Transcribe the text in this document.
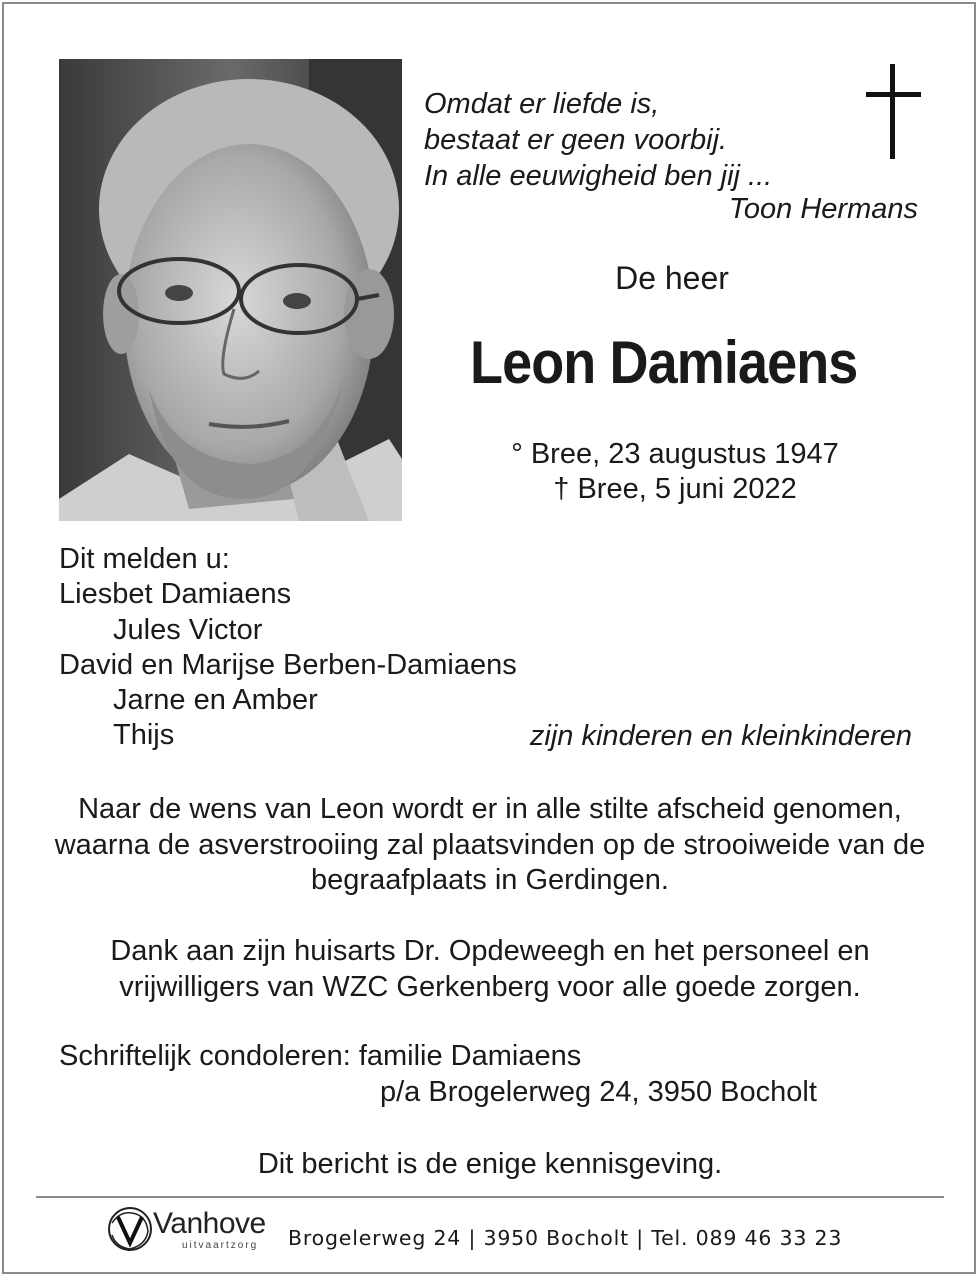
Omdat er liefde is,
bestaat er geen voorbij.
In alle eeuwigheid ben jij ...
Toon Hermans
De heer
Leon Damiaens
° Bree, 23 augustus 1947
† Bree, 5 juni 2022
Dit melden u:
Liesbet Damiaens
Jules Victor
David en Marijse Berben-Damiaens
Jarne en Amber
Thijs	zijn kinderen en kleinkinderen
Naar de wens van Leon wordt er in alle stilte afscheid genomen, waarna de asverstrooiing zal plaatsvinden op de strooiweide van de begraafplaats in Gerdingen.
Dank aan zijn huisarts Dr. Opdeweegh en het personeel en vrijwilligers van WZC Gerkenberg voor alle goede zorgen.
Schriftelijk condoleren: familie Damiaens
p/a Brogelerweg 24, 3950 Bocholt
Dit bericht is de enige kennisgeving.
Vanhove
uitvaartzorg Brogelerweg 24 | 3950 Bocholt | Tel. 089 46 33 23
